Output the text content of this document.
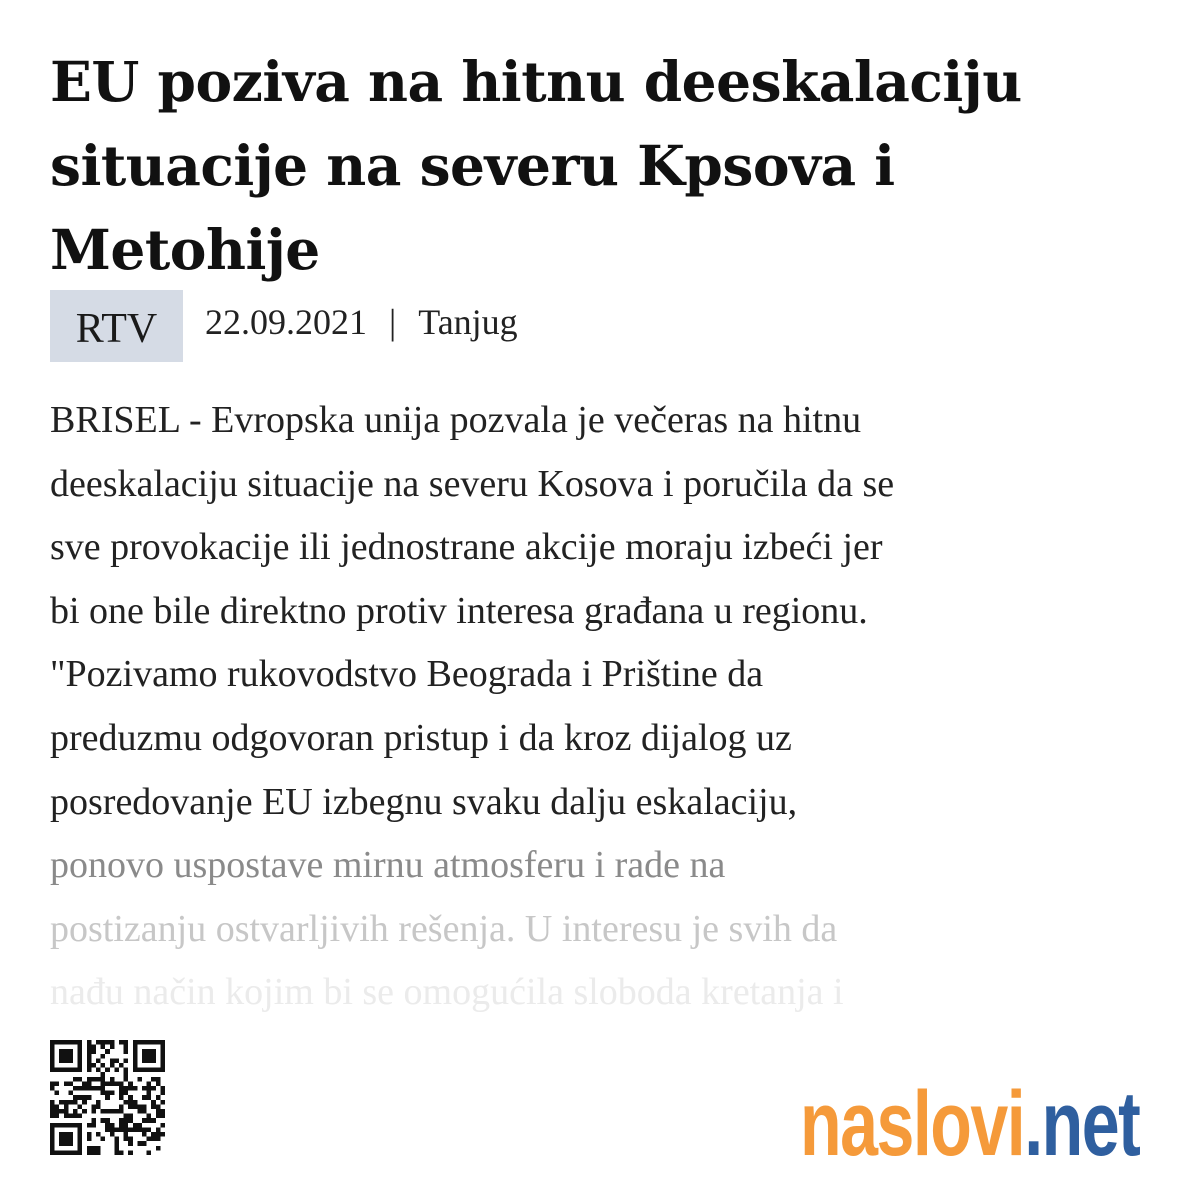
EU poziva na hitnu deeskalaciju situacije na severu Kpsova i Metohije
RTV	22.09.2021 | Tanjug
BRISEL - Evropska unija pozvala je večeras na hitnu
deeskalaciju situacije na severu Kosova i poručila da se
sve provokacije ili jednostrane akcije moraju izbeći jer
bi one bile direktno protiv interesa građana u regionu.
"Pozivamo rukovodstvo Beograda i Prištine da
preduzmu odgovoran pristup i da kroz dijalog uz
posredovanje EU izbegnu svaku dalju eskalaciju,
ponovo uspostave mirnu atmosferu i rade na
postizanju ostvarljivih rešenja. U interesu je svih da
nađu način kojim bi se omogućila sloboda kretanja i
naslovi .net
